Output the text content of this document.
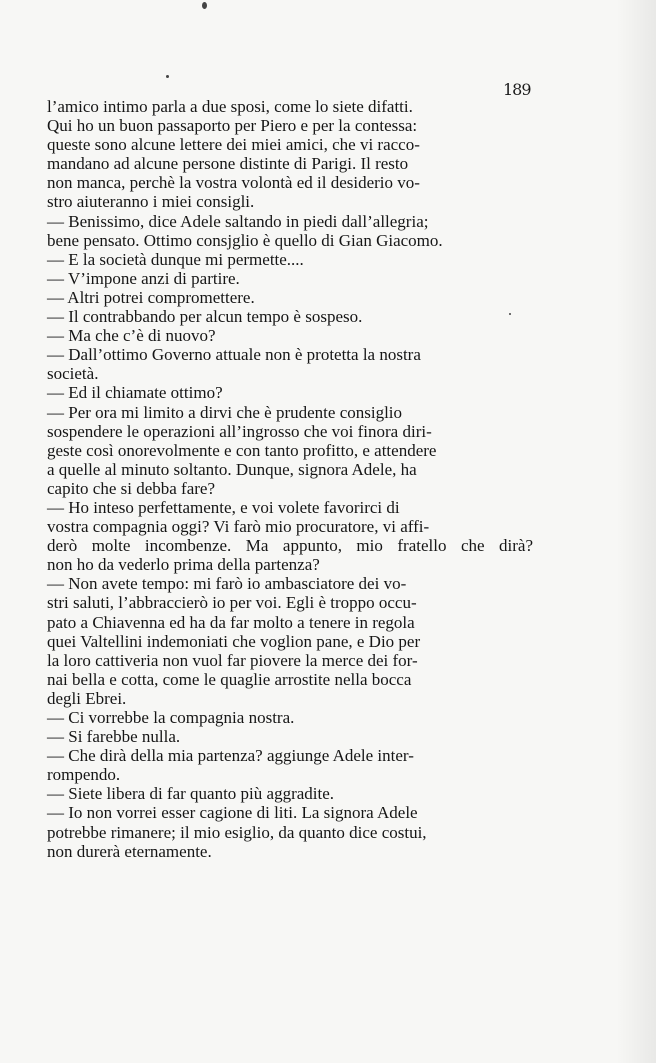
189
l’amico intimo parla a due sposi, come lo siete difatti.
Qui ho un buon passaporto per Piero e per la contessa:
queste sono alcune lettere dei miei amici, che vi racco-
mandano ad alcune persone distinte di Parigi. Il resto
non manca, perchè la vostra volontà ed il desiderio vo-
stro aiuteranno i miei consigli.
— Benissimo, dice Adele saltando in piedi dall’allegria;
bene pensato. Ottimo consjglio è quello di Gian Giacomo.
— E la società dunque mi permette....
— V’impone anzi di partire.
— Altri potrei compromettere.
— Il contrabbando per alcun tempo è sospeso.
— Ma che c’è di nuovo?
— Dall’ottimo Governo attuale non è protetta la nostra
società.
— Ed il chiamate ottimo?
— Per ora mi limito a dirvi che è prudente consiglio
sospendere le operazioni all’ingrosso che voi finora diri-
geste così onorevolmente e con tanto profitto, e attendere
a quelle al minuto soltanto. Dunque, signora Adele, ha
capito che si debba fare?
— Ho inteso perfettamente, e voi volete favorirci di
vostra compagnia oggi? Vi farò mio procuratore, vi affi-
derò molte incombenze. Ma appunto, mio fratello che dirà?
non ho da vederlo prima della partenza?
— Non avete tempo: mi farò io ambasciatore dei vo-
stri saluti, l’abbraccierò io per voi. Egli è troppo occu-
pato a Chiavenna ed ha da far molto a tenere in regola
quei Valtellini indemoniati che voglion pane, e Dio per
la loro cattiveria non vuol far piovere la merce dei for-
nai bella e cotta, come le quaglie arrostite nella bocca
degli Ebrei.
— Ci vorrebbe la compagnia nostra.
— Si farebbe nulla.
— Che dirà della mia partenza? aggiunge Adele inter-
rompendo.
— Siete libera di far quanto più aggradite.
— Io non vorrei esser cagione di liti. La signora Adele
potrebbe rimanere; il mio esiglio, da quanto dice costui,
non durerà eternamente.
